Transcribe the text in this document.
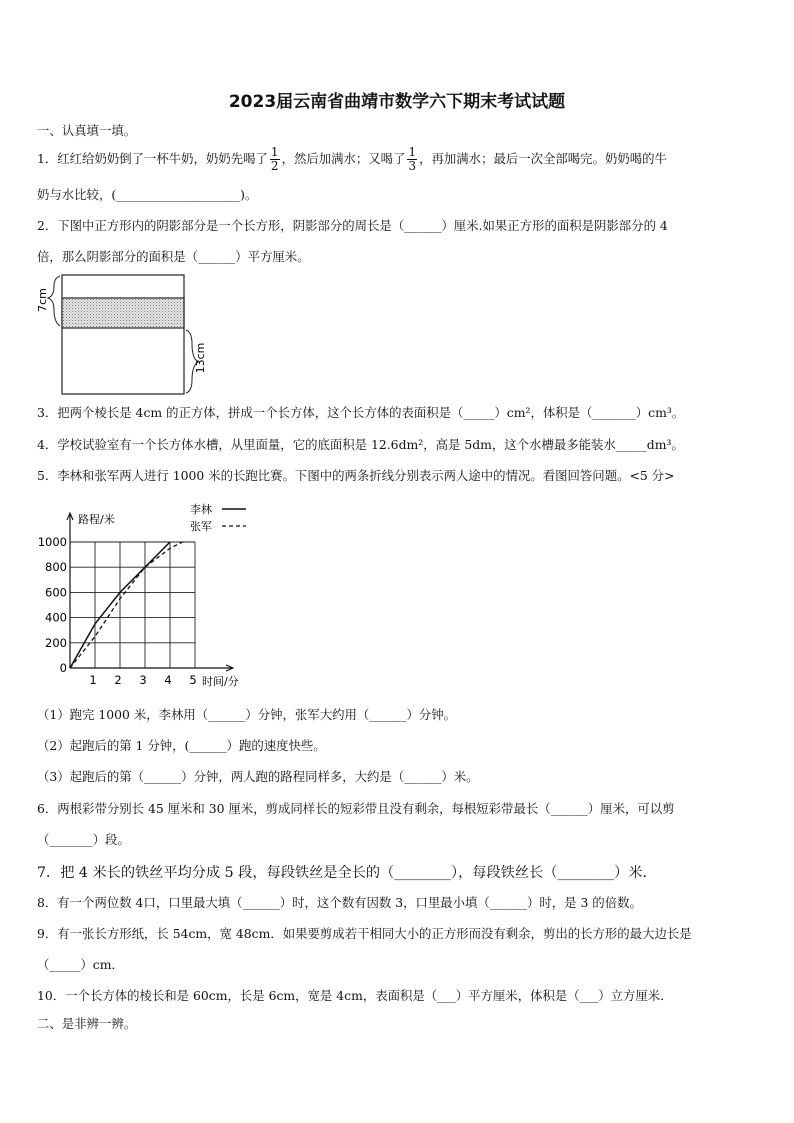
2023届云南省曲靖市数学六下期末考试试题
一、认真填一填。
1．红红给奶奶倒了一杯牛奶，奶奶先喝了 $\frac{1}{2}$ ，然后加满水；又喝了 $\frac{1}{3}$ ，再加满水；最后一次全部喝完。奶奶喝的牛
奶与水比较，(____________________)。
2．下图中正方形内的阴影部分是一个长方形，阴影部分的周长是（______）厘米.如果正方形的面积是阴影部分的 4
倍，那么阴影部分的面积是（______）平方厘米。
7cm
13cm
3．把两个棱长是 4cm 的正方体，拼成一个长方体，这个长方体的表面积是（_____）cm²，体积是（_______）cm³。
4．学校试验室有一个长方体水槽，从里面量，它的底面积是 12.6dm²，高是 5dm，这个水槽最多能装水_____dm³。
5．李林和张军两人进行 1000 米的长跑比赛。下图中的两条折线分别表示两人途中的情况。看图回答问题。<5 分>
0
200
400
600
800
1000
1 2 3 4 5
路程/米
时间/分
李林
张军
（1）跑完 1000 米，李林用（______）分钟，张军大约用（______）分钟。
（2）起跑后的第 1 分钟，(______）跑的速度快些。
（3）起跑后的第（______）分钟，两人跑的路程同样多，大约是（______）米。
6．两根彩带分别长 45 厘米和 30 厘米，剪成同样长的短彩带且没有剩余，每根短彩带最长（______）厘米，可以剪
（_______）段。
7．把 4 米长的铁丝平均分成 5 段，每段铁丝是全长的（________），每段铁丝长（________）米．
8．有一个两位数 4口，口里最大填（______）时，这个数有因数 3，口里最小填（______）时，是 3 的倍数。
9．有一张长方形纸，长 54cm，宽 48cm．如果要剪成若干相同大小的正方形而没有剩余，剪出的长方形的最大边长是
（_____）cm．
10．一个长方体的棱长和是 60cm，长是 6cm，宽是 4cm，表面积是（___）平方厘米，体积是（___）立方厘米．
二、是非辨一辨。
